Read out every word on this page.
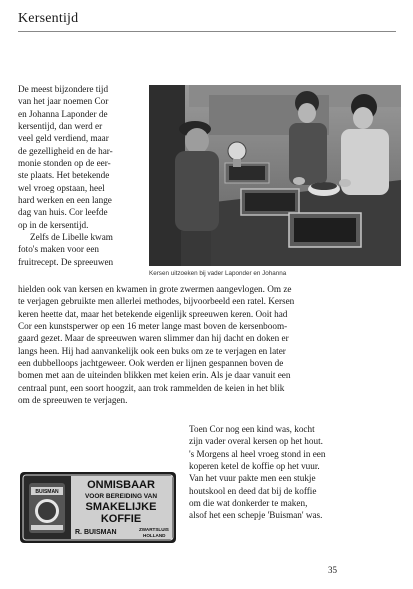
Kersentijd

De meest bijzondere tijd
van het jaar noemen Cor
en Johanna Laponder de
kersentijd, dan werd er
veel geld verdiend, maar
de gezelligheid en de har-
monie stonden op de eer-
ste plaats. Het betekende
wel vroeg opstaan, heel
hard werken en een lange
dag van huis. Cor leefde
op in de kersentijd.
Zelfs de Libelle kwam
foto's maken voor een
fruitrecept. De spreeuwen

Kersen uitzoeken bij vader Laponder en Johanna

hielden ook van kersen en kwamen in grote zwermen aangevlogen. Om ze
te verjagen gebruikte men allerlei methodes, bijvoorbeeld een ratel. Kersen
keren heette dat, maar het betekende eigenlijk spreeuwen keren. Ooit had
Cor een kunstsperwer op een 16 meter lange mast boven de kersenboom-
gaard gezet. Maar de spreeuwen waren slimmer dan hij dacht en doken er
langs heen. Hij had aanvankelijk ook een buks om ze te verjagen en later
een dubbelloops jachtgeweer. Ook werden er lijnen gespannen boven de
bomen met aan de uiteinden blikken met keien erin. Als je daar vanuit een
centraal punt, een soort hoogzit, aan trok rammelden de keien in het blik
om de spreeuwen te verjagen.

BUISMAN
ONMISBAAR
VOOR BEREIDING VAN
SMAKELIJKE
KOFFIE
R. BUISMAN	ZWARTSLUIS
HOLLAND

Toen Cor nog een kind was, kocht
zijn vader overal kersen op het hout.
's Morgens al heel vroeg stond in een
koperen ketel de koffie op het vuur.
Van het vuur pakte men een stukje
houtskool en deed dat bij de koffie
om die wat donkerder te maken,
alsof het een schepje 'Buisman' was.

35
